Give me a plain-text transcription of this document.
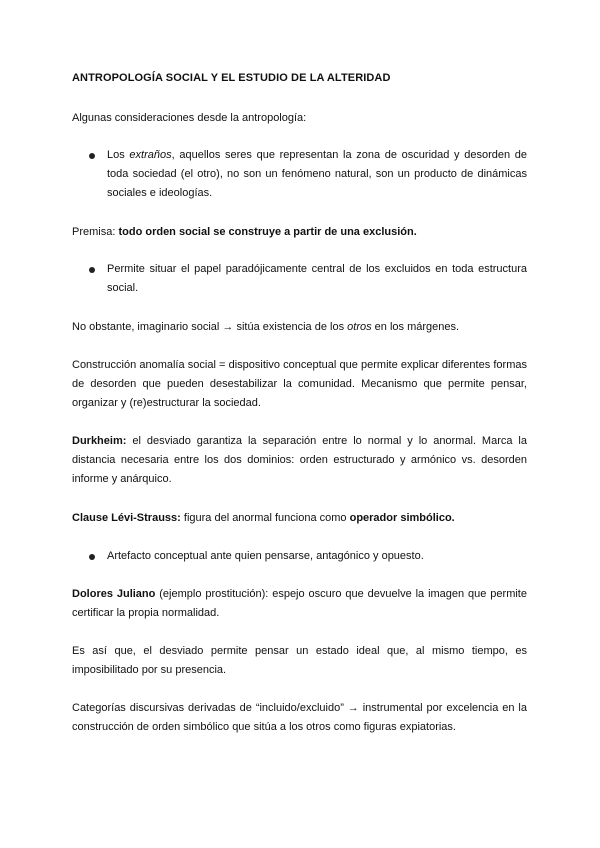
ANTROPOLOGÍA SOCIAL Y EL ESTUDIO DE LA ALTERIDAD
Algunas consideraciones desde la antropología:
Los extraños, aquellos seres que representan la zona de oscuridad y desorden de toda sociedad (el otro), no son un fenómeno natural, son un producto de dinámicas sociales e ideologías.
Premisa: todo orden social se construye a partir de una exclusión.
Permite situar el papel paradójicamente central de los excluidos en toda estructura social.
No obstante, imaginario social → sitúa existencia de los otros en los márgenes.
Construcción anomalía social = dispositivo conceptual que permite explicar diferentes formas de desorden que pueden desestabilizar la comunidad. Mecanismo que permite pensar, organizar y (re)estructurar la sociedad.
Durkheim: el desviado garantiza la separación entre lo normal y lo anormal. Marca la distancia necesaria entre los dos dominios: orden estructurado y armónico vs. desorden informe y anárquico.
Clause Lévi-Strauss: figura del anormal funciona como operador simbólico.
Artefacto conceptual ante quien pensarse, antagónico y opuesto.
Dolores Juliano (ejemplo prostitución): espejo oscuro que devuelve la imagen que permite certificar la propia normalidad.
Es así que, el desviado permite pensar un estado ideal que, al mismo tiempo, es imposibilitado por su presencia.
Categorías discursivas derivadas de “incluido/excluido” → instrumental por excelencia en la construcción de orden simbólico que sitúa a los otros como figuras expiatorias.
